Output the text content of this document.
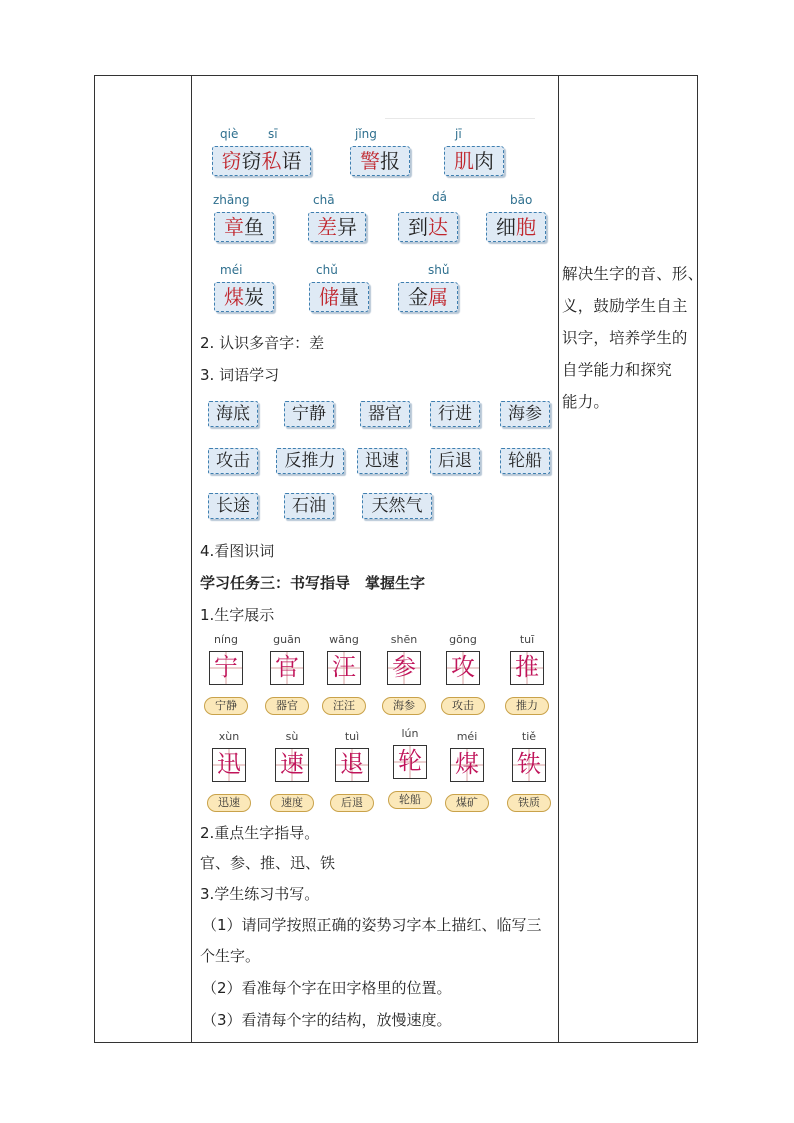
qiè sī
窃窃私语
jǐng
警报
jī
肌肉
zhāng
章鱼
chā
差异
dá
到达
bāo
细胞
méi
煤炭
chǔ
储量
shǔ
金属
2. 认识多音字：差
3. 词语学习
4.看图识词
学习任务三：书写指导　掌握生字
1.生字展示
2.重点生字指导。
官、参、推、迅、铁
3.学生练习书写。
（1）请同学按照正确的姿势习字本上描红、临写三
个生字。
（2）看准每个字在田字格里的位置。
（3）看清每个字的结构，放慢速度。
海底	宁静	器官	行进	海参
攻击	反推力	迅速	后退	轮船
长途	石油	天然气
níng
宁
宁静
guān
官
器官
wāng
汪
汪汪
shēn
参
海参
gōng
攻
攻击
tuī
推
推力
xùn
迅
迅速
sù
速
速度
tuì
退
后退
lún
轮
轮船
méi
煤
煤矿
tiě
铁
铁质
解决生字的音、形、
义，鼓励学生自主
识字，培养学生的
自学能力和探究
能力。
